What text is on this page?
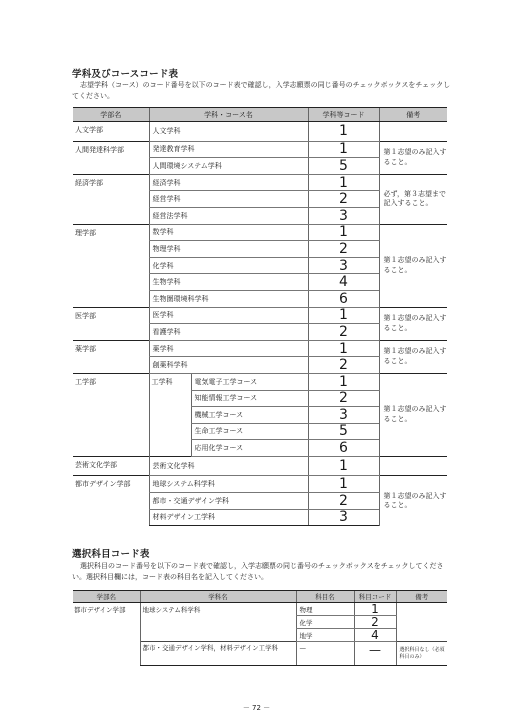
学科及びコースコード表
志望学科（コース）のコード番号を以下のコード表で確認し，入学志願票の同じ番号のチェックボックスをチェックしてください。
学部名	学科・コース名		学科等コード	備考
人文学部	人文学科		1	
人間発達科学部	発達教育学科		1	第１志望のみ記入すること。
	人間環境システム学科		5	
経済学部	経済学科		1	必ず，第３志望まで記入すること。
	経営学科		2	
	経営法学科		3	
理学部	数学科		1	第１志望のみ記入すること。
	物理学科		2	
	化学科		3	
	生物学科		4	
	生物圏環境科学科		6	
医学部	医学科		1	第１志望のみ記入すること。
	看護学科		2	
薬学部	薬学科		1	第１志望のみ記入すること。
	創薬科学科		2	
工学部	工学科	電気電子工学コース	1	第１志望のみ記入すること。
		知能情報工学コース	2	
		機械工学コース	3	
		生命工学コース	5	
		応用化学コース	6	
芸術文化学部	芸術文化学科		1	
都市デザイン学部	地球システム科学科		1	第１志望のみ記入すること。
	都市・交通デザイン学科		2	
	材料デザイン工学科		3	
選択科目コード表
選択科目のコード番号を以下のコード表で確認し，入学志願票の同じ番号のチェックボックスをチェックしてください。選択科目欄には，コード表の科目名を記入してください。
学部名	学科名	科目名	科目コード	備考
都市デザイン学部	地球システム科学科	物理	1	
		化学	2	
		地学	4	
	都市・交通デザイン学科，材料デザイン工学科	—	—	選択科目なし（必須科目のみ）
－ 72 －
